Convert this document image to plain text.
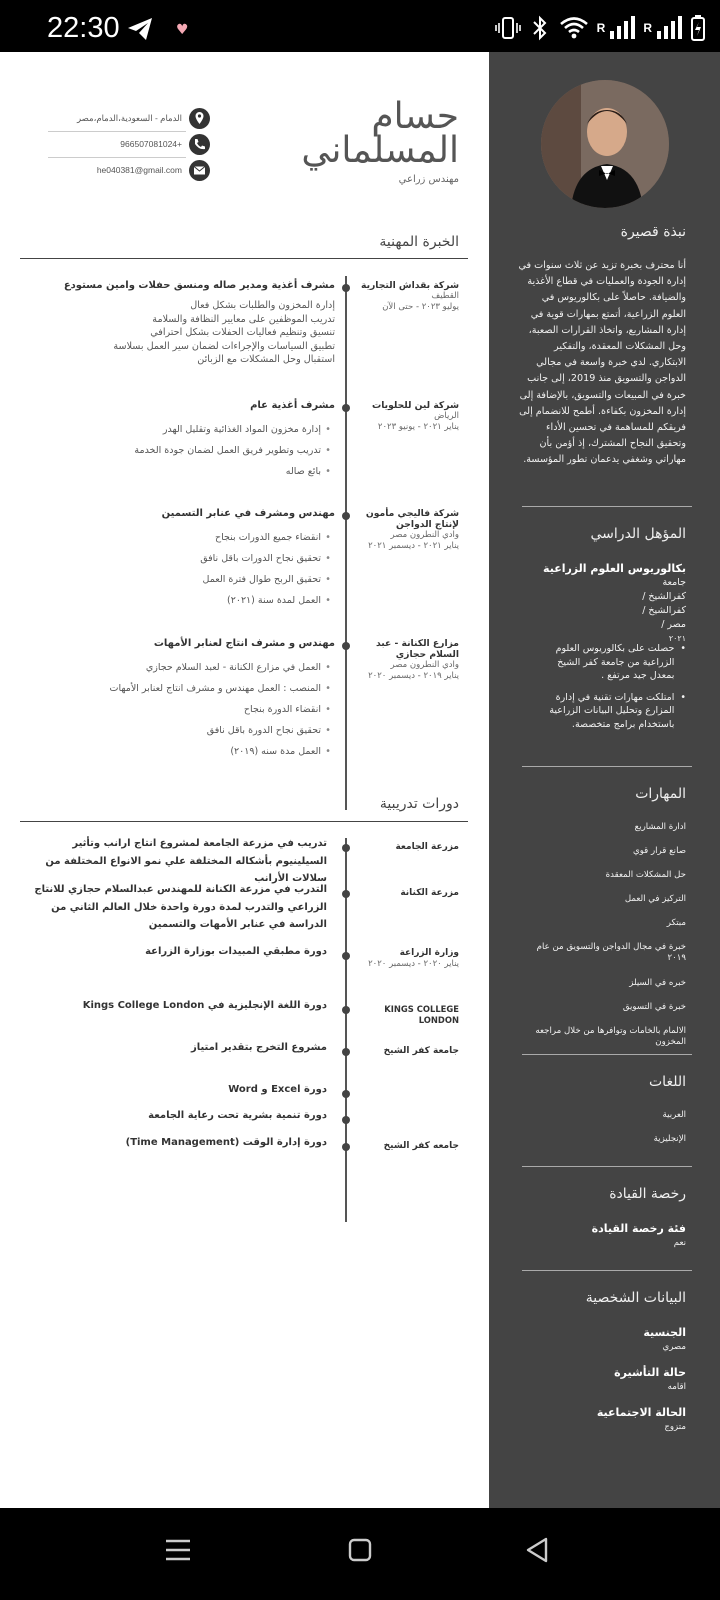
22:30	♥	R	R
حسام
المسلماني
مهندس زراعي
الدمام - السعودية،الدمام،مصر
966507081024+
he040381@gmail.com
الخبرة المهنية
شركة بقداش التجارية
القطيف
يوليو ٢٠٢٣ - حتى الآن
مشرف أغذية ومدير صاله ومنسق حفلات وامين مستودع
إدارة المخزون والطلبات بشكل فعال
تدريب الموظفين على معايير النظافة والسلامة
تنسيق وتنظيم فعاليات الحفلات بشكل احترافي
تطبيق السياسات والإجراءات لضمان سير العمل بسلاسة
استقبال وحل المشكلات مع الزبائن
شركة لين للحلويات
الرياض
يناير ٢٠٢١ - يونيو ٢٠٢٣
مشرف أغذية عام
•إدارة مخزون المواد الغذائية وتقليل الهدر
•تدريب وتطوير فريق العمل لضمان جودة الخدمة
•بائع صاله
شركة فاليجي مأمون لإنتاج الدواجن
وادي النطرون مصر
يناير ٢٠٢١ - ديسمبر ٢٠٢١
مهندس ومشرف في عنابر التسمين
•انقضاء جميع الدورات بنجاح
•تحقيق نجاح الدورات باقل نافق
•تحقيق الربح طوال فترة العمل
•العمل لمدة سنة (٢٠٢١)
مزارع الكنانة - عبد السلام حجازي
وادي النطرون مصر
يناير ٢٠١٩ - ديسمبر ٢٠٢٠
مهندس و مشرف انتاج لعنابر الأمهات
•العمل في مزارع الكنانة - لعبد السلام حجازي
•المنصب : العمل مهندس و مشرف انتاج لعنابر الأمهات
•انقضاء الدورة بنجاح
•تحقيق نجاح الدورة باقل نافق
•العمل مدة سنه (٢٠١٩)
دورات تدريبية
مزرعة الجامعة
تدريب في مزرعة الجامعة لمشروع انتاج ارانب وتأثير السيلينيوم بأشكاله المختلفة علي نمو الانواع المختلفة من سلالات الأرانب
مزرعة الكنانة
التدرب في مزرعة الكنانة للمهندس عبدالسلام حجازي للانتاج الزراعي والتدرب لمدة دورة واحدة خلال العالم الثاني من الدراسة في عنابر الأمهات والتسمين
وزارة الزراعة
يناير ٢٠٢٠ - ديسمبر ٢٠٢٠
دورة مطبقي المبيدات بوزارة الزراعة
KINGS COLLEGE LONDON
دورة اللغة الإنجليزية في Kings College London
جامعة كفر الشيخ
مشروع التخرج بتقدير امتياز
دورة Excel و Word
دورة تنمية بشرية تحت رعاية الجامعة
جامعه كفر الشيخ
دورة إدارة الوقت (Time Management)
نبذة قصيرة
أنا محترف بخبرة تزيد عن ثلاث سنوات في إدارة الجودة والعمليات في قطاع الأغذية والضيافة. حاصلاً على بكالوريوس في العلوم الزراعية، أتمتع بمهارات قوية في إدارة المشاريع، واتخاذ القرارات الصعبة، وحل المشكلات المعقدة، والتفكير الابتكاري. لدي خبرة واسعة في مجالي الدواجن والتسويق منذ 2019، إلى جانب خبرة في المبيعات والتسويق، بالإضافة إلى إدارة المخزون بكفاءة. أطمح للانضمام إلى فريقكم للمساهمة في تحسين الأداء وتحقيق النجاح المشترك، إذ أؤمن بأن مهاراتي وشغفي يدعمان تطور المؤسسة.
المؤهل الدراسي
بكالوريوس العلوم الزراعية
جامعة كفرالشيخ / كفرالشيخ /مصر /
٢٠٢١
•
حصلت على بكالوريوس العلوم الزراعية من جامعة كفر الشيخ بمعدل جيد مرتفع .
•
امتلكت مهارات تقنية في إدارة المزارع وتحليل البيانات الزراعية باستخدام برامج متخصصة.
المهارات
ادارة المشاريع
صانع قرار قوي
حل المشكلات المعقدة
التركيز في العمل
مبتكر
خبرة في مجال الدواجن والتسويق من عام ٢٠١٩
خبره في السيلز
خبرة في التسويق
الالمام بالخامات وتوافرها من خلال مراجعه المخزون
اللغات
العربية
الإنجليزية
رخصة القيادة
فئة رخصة القيادة
نعم
البيانات الشخصية
الجنسية
مصري
حالة التأشيرة
اقامه
الحالة الاجتماعية
متزوج
